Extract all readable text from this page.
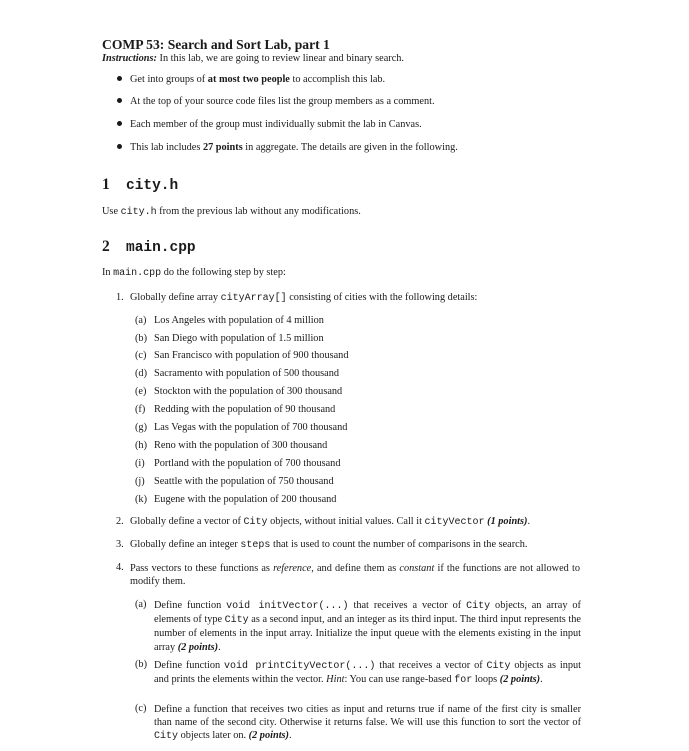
COMP 53: Search and Sort Lab, part 1
Instructions: In this lab, we are going to review linear and binary search.
Get into groups of at most two people to accomplish this lab.
At the top of your source code files list the group members as a comment.
Each member of the group must individually submit the lab in Canvas.
This lab includes 27 points in aggregate. The details are given in the following.
1 city.h
Use city.h from the previous lab without any modifications.
2 main.cpp
In main.cpp do the following step by step:
1. Globally define array cityArray[] consisting of cities with the following details:
(a) Los Angeles with population of 4 million
(b) San Diego with population of 1.5 million
(c) San Francisco with population of 900 thousand
(d) Sacramento with population of 500 thousand
(e) Stockton with the population of 300 thousand
(f) Redding with the population of 90 thousand
(g) Las Vegas with the population of 700 thousand
(h) Reno with the population of 300 thousand
(i) Portland with the population of 700 thousand
(j) Seattle with the population of 750 thousand
(k) Eugene with the population of 200 thousand
2. Globally define a vector of City objects, without initial values. Call it cityVector (1 points).
3. Globally define an integer steps that is used to count the number of comparisons in the search.
4. Pass vectors to these functions as reference, and define them as constant if the functions are not allowed to modify them.
(a) Define function void initVector(...) that receives a vector of City objects, an array of elements of type City as a second input, and an integer as its third input. The third input represents the number of elements in the input array. Initialize the input queue with the elements existing in the input array (2 points).
(b) Define function void printCityVector(...) that receives a vector of City objects as input and prints the elements within the vector. Hint: You can use range-based for loops (2 points).
(c) Define a function that receives two cities as input and returns true if name of the first city is smaller than name of the second city. Otherwise it returns false. We will use this function to sort the vector of City objects later on. (2 points).
